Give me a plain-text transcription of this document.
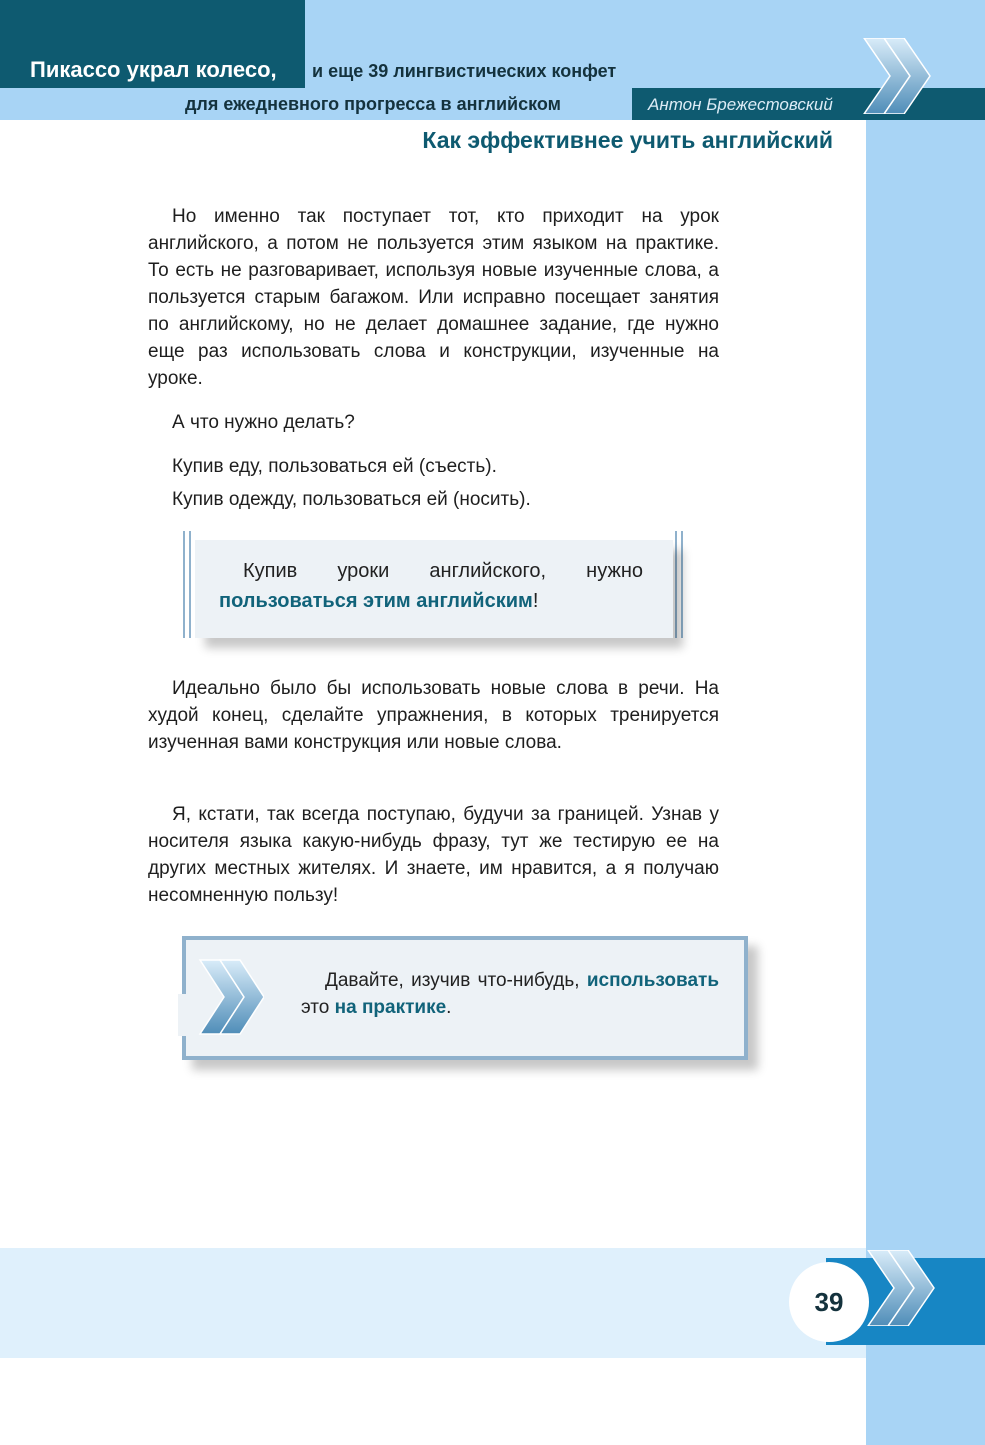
Пикассо украл колесо, и еще 39 лингвистических конфет
для ежедневного прогресса в английском	Антон Брежестовский
Как эффективнее учить английский

Но именно так поступает тот, кто приходит на урок английского, а потом не пользуется этим языком на практике. То есть не разговаривает, используя новые изученные слова, а пользуется старым багажом. Или исправно посещает занятия по английскому, но не делает домашнее задание, где нужно еще раз использовать слова и конструкции, изученные на уроке.

А что нужно делать?
Купив еду, пользоваться ей (съесть).
Купив одежду, пользоваться ей (носить).
Купив уроки английского, нужно
пользоваться этим английским!

Идеально было бы использовать новые слова в речи. На худой конец, сделайте упражнения, в которых тренируется изученная вами конструкция или новые слова.

Я, кстати, так всегда поступаю, будучи за границей. Узнав у носителя языка какую-нибудь фразу, тут же тестирую ее на других местных жителях. И знаете, им нравится, а я получаю несомненную пользу!

Давайте, изучив что-нибудь, использовать это на практике.

39
